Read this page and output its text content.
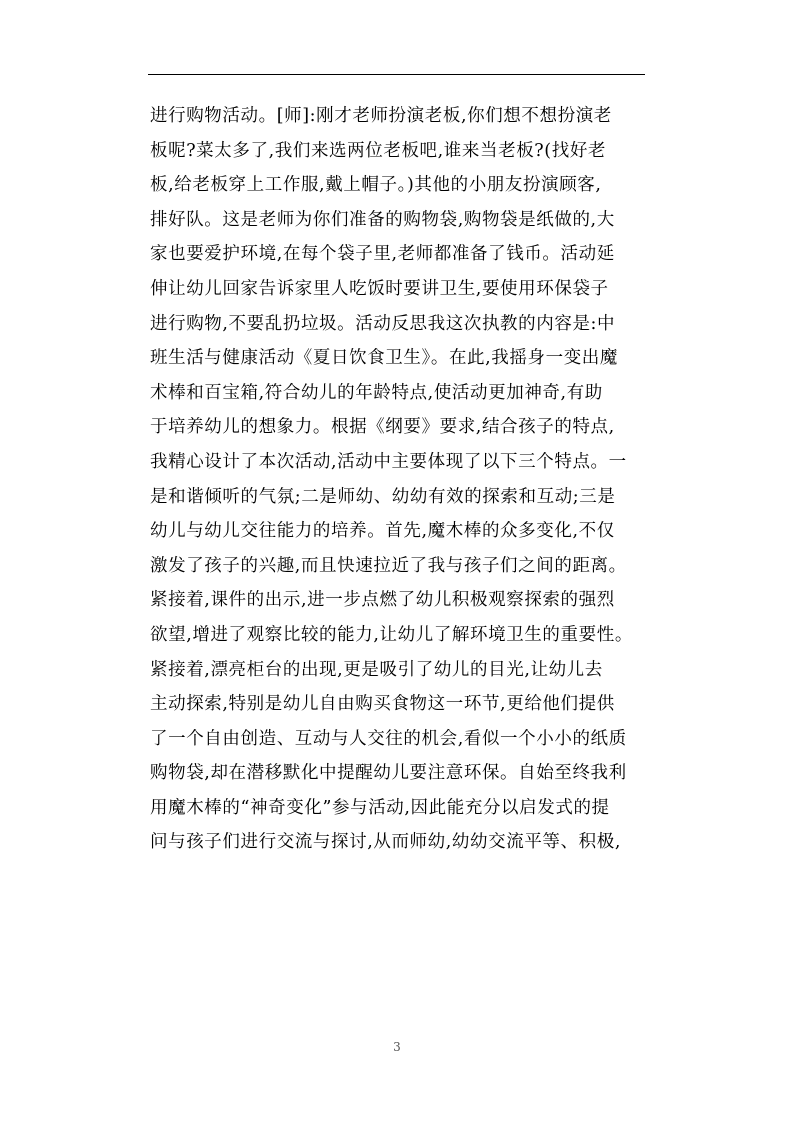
进行购物活动。[师]:刚才老师扮演老板,你们想不想扮演老
板呢?菜太多了,我们来选两位老板吧,谁来当老板?(找好老
板,给老板穿上工作服,戴上帽子。)其他的小朋友扮演顾客,
排好队。这是老师为你们准备的购物袋,购物袋是纸做的,大
家也要爱护环境,在每个袋子里,老师都准备了钱币。活动延
伸让幼儿回家告诉家里人吃饭时要讲卫生,要使用环保袋子
进行购物,不要乱扔垃圾。活动反思我这次执教的内容是:中
班生活与健康活动《夏日饮食卫生》。在此,我摇身一变出魔
术棒和百宝箱,符合幼儿的年龄特点,使活动更加神奇,有助
于培养幼儿的想象力。根据《纲要》要求,结合孩子的特点,
我精心设计了本次活动,活动中主要体现了以下三个特点。一
是和谐倾听的气氛;二是师幼、幼幼有效的探索和互动;三是
幼儿与幼儿交往能力的培养。首先,魔木棒的众多变化,不仅
激发了孩子的兴趣,而且快速拉近了我与孩子们之间的距离。
紧接着,课件的出示,进一步点燃了幼儿积极观察探索的强烈
欲望,增进了观察比较的能力,让幼儿了解环境卫生的重要性。
紧接着,漂亮柜台的出现,更是吸引了幼儿的目光,让幼儿去
主动探索,特别是幼儿自由购买食物这一环节,更给他们提供
了一个自由创造、互动与人交往的机会,看似一个小小的纸质
购物袋,却在潜移默化中提醒幼儿要注意环保。自始至终我利
用魔木棒的“神奇变化”参与活动,因此能充分以启发式的提
问与孩子们进行交流与探讨,从而师幼,幼幼交流平等、积极,
3
